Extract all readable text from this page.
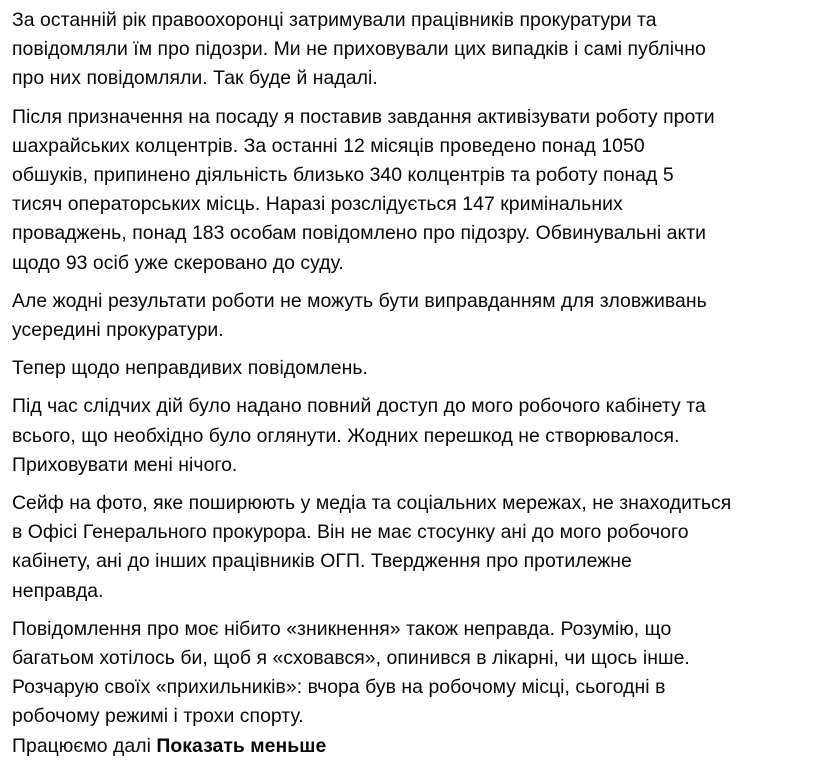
За останній рік правоохоронці затримували працівників прокуратури та
повідомляли їм про підозри. Ми не приховували цих випадків і самі публічно
про них повідомляли. Так буде й надалі.

Після призначення на посаду я поставив завдання активізувати роботу проти
шахрайських колцентрів. За останні 12 місяців проведено понад 1050
обшуків, припинено діяльність близько 340 колцентрів та роботу понад 5
тисяч операторських місць. Наразі розслідується 147 кримінальних
проваджень, понад 183 особам повідомлено про підозру. Обвинувальні акти
щодо 93 осіб уже скеровано до суду.

Але жодні результати роботи не можуть бути виправданням для зловживань
усередині прокуратури.

Тепер щодо неправдивих повідомлень.

Під час слідчих дій було надано повний доступ до мого робочого кабінету та
всього, що необхідно було оглянути. Жодних перешкод не створювалося.
Приховувати мені нічого.

Сейф на фото, яке поширюють у медіа та соціальних мережах, не знаходиться
в Офісі Генерального прокурора. Він не має стосунку ані до мого робочого
кабінету, ані до інших працівників ОГП. Твердження про протилежне
неправда.

Повідомлення про моє нібито «зникнення» також неправда. Розумію, що
багатьом хотілось би, щоб я «сховався», опинився в лікарні, чи щось інше.
Розчарую своїх «прихильників»: вчора був на робочому місці, сьогодні в
робочому режимі і трохи спорту.
Працюємо далі Показать меньше
